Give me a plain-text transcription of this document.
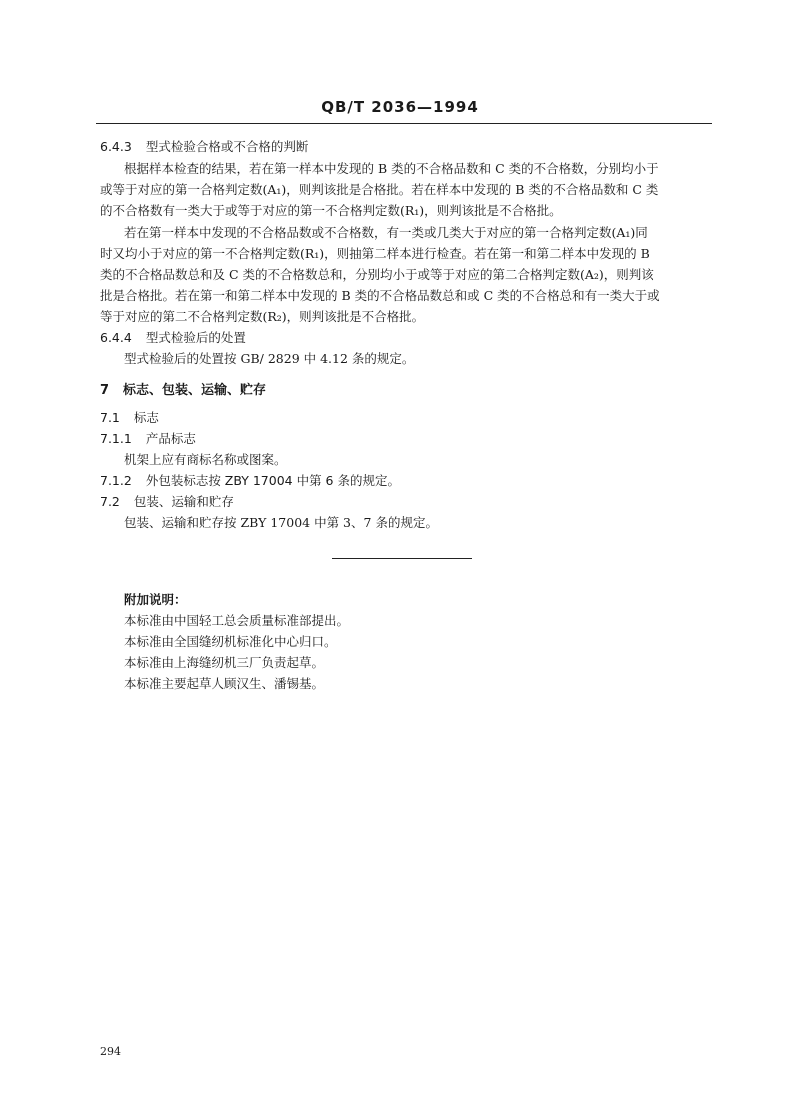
QB/T 2036—1994
6.4.3 型式检验合格或不合格的判断
根据样本检查的结果，若在第一样本中发现的 B 类的不合格品数和 C 类的不合格数，分别均小于
或等于对应的第一合格判定数(A₁)，则判该批是合格批。若在样本中发现的 B 类的不合格品数和 C 类
的不合格数有一类大于或等于对应的第一不合格判定数(R₁)，则判该批是不合格批。
若在第一样本中发现的不合格品数或不合格数，有一类或几类大于对应的第一合格判定数(A₁)同
时又均小于对应的第一不合格判定数(R₁)，则抽第二样本进行检查。若在第一和第二样本中发现的 B
类的不合格品数总和及 C 类的不合格数总和，分别均小于或等于对应的第二合格判定数(A₂)，则判该
批是合格批。若在第一和第二样本中发现的 B 类的不合格品数总和或 C 类的不合格总和有一类大于或
等于对应的第二不合格判定数(R₂)，则判该批是不合格批。
6.4.4 型式检验后的处置
型式检验后的处置按 GB/ 2829 中 4.12 条的规定。
7 标志、包装、运输、贮存
7.1 标志
7.1.1 产品标志
机架上应有商标名称或图案。
7.1.2 外包装标志按 ZBY 17004 中第 6 条的规定。
7.2 包装、运输和贮存
包装、运输和贮存按 ZBY 17004 中第 3、7 条的规定。
附加说明：
本标准由中国轻工总会质量标准部提出。
本标准由全国缝纫机标准化中心归口。
本标准由上海缝纫机三厂负责起草。
本标准主要起草人顾汉生、潘锡基。
294
